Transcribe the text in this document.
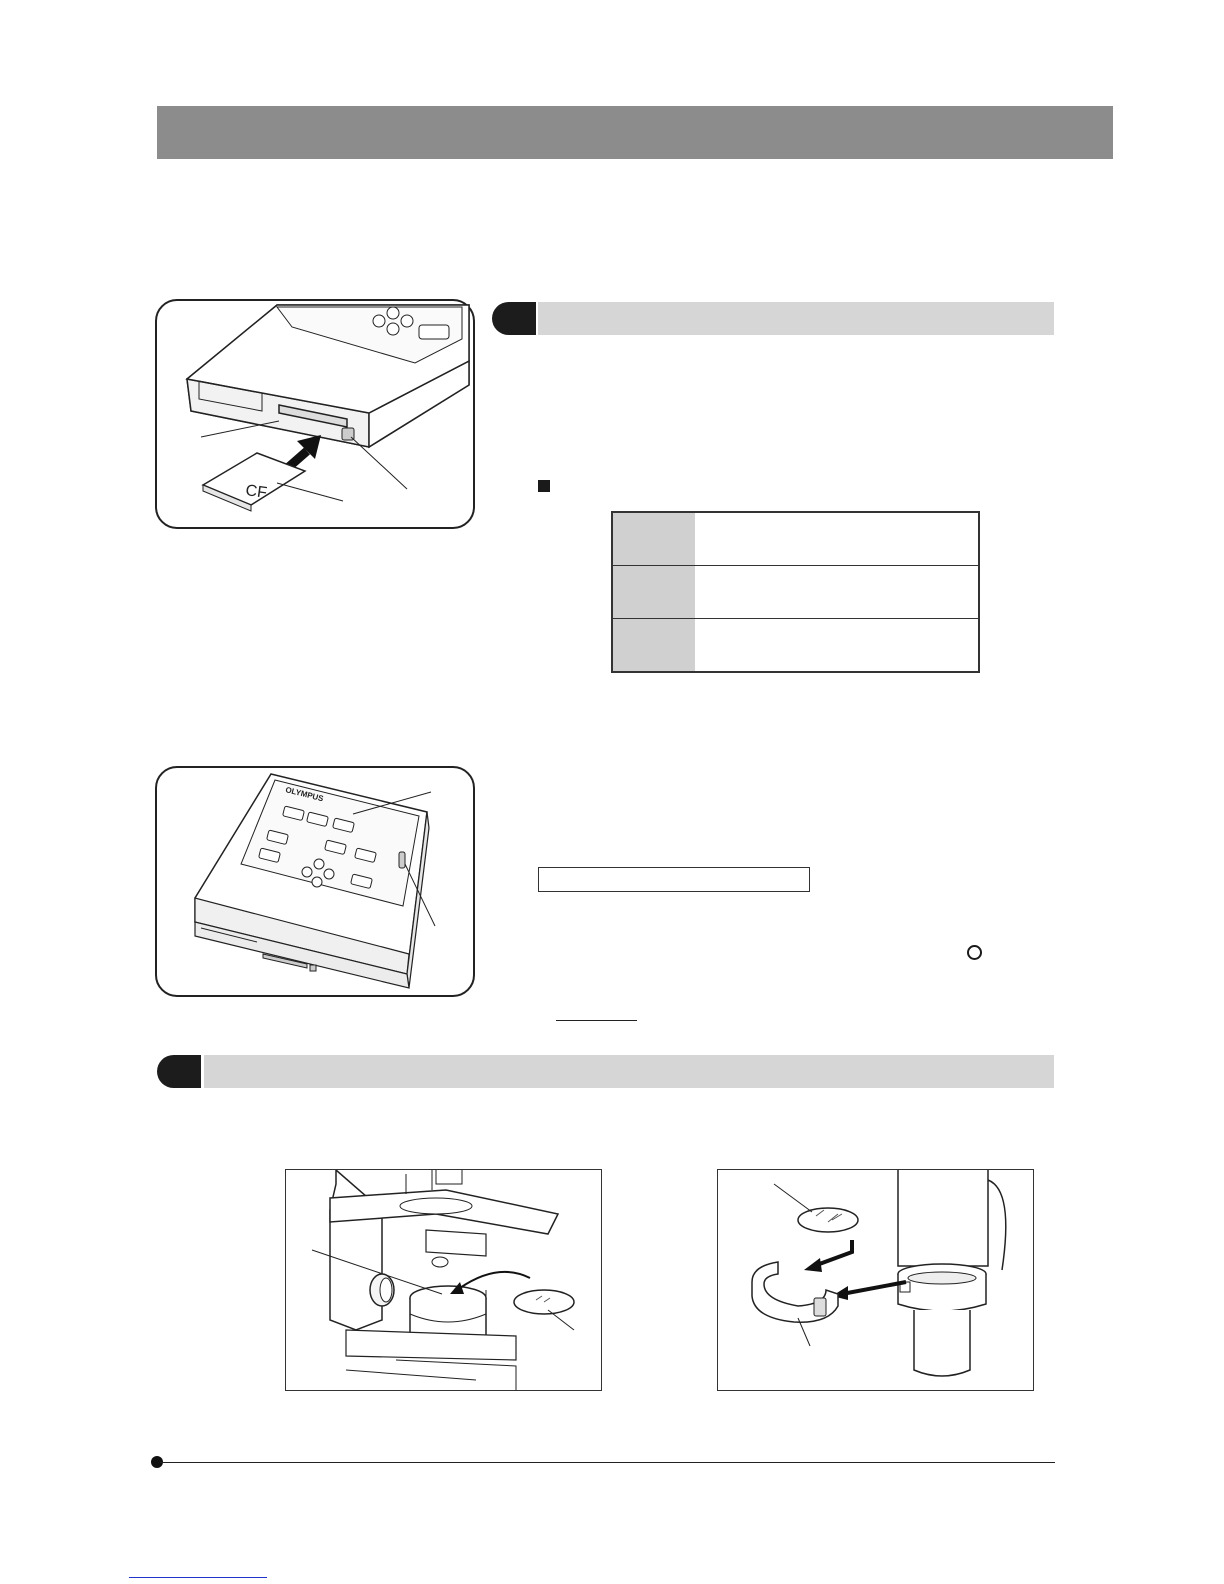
CF

OLYMPUS
